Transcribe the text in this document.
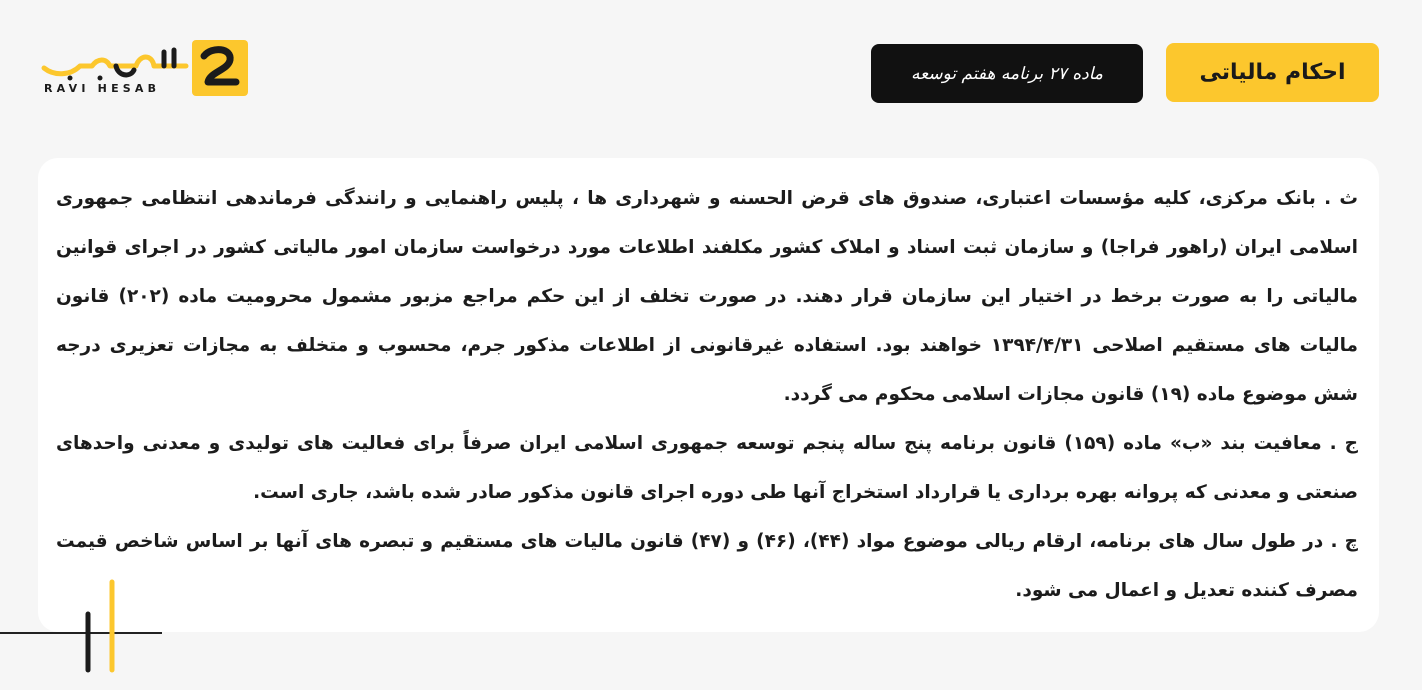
RAVI HESAB
احکام مالیاتی
ماده ۲۷ برنامه هفتم توسعه

ث . بانک مرکزی، کلیه مؤسسات اعتباری، صندوق های قرض الحسنه و شهرداری ها ، پلیس راهنمایی و رانندگی فرماندهی انتظامی جمهوری اسلامی ایران (راهور فراجا) و سازمان ثبت اسناد و املاک کشور مکلفند اطلاعات مورد درخواست سازمان امور مالیاتی کشور در اجرای قوانین مالیاتی را به صورت برخط در اختیار این سازمان قرار دهند. در صورت تخلف از این حکم مراجع مزبور مشمول محرومیت ماده (۲۰۲) قانون مالیات های مستقیم اصلاحی ۱۳۹۴/۴/۳۱ خواهند بود. استفاده غیرقانونی از اطلاعات مذکور جرم، محسوب و متخلف به مجازات تعزیری درجه شش موضوع ماده (۱۹) قانون مجازات اسلامی محکوم می گردد.

ج . معافیت بند «ب» ماده (۱۵۹) قانون برنامه پنج ساله پنجم توسعه جمهوری اسلامی ایران صرفاً برای فعالیت های تولیدی و معدنی واحدهای صنعتی و معدنی که پروانه بهره برداری یا قرارداد استخراج آنها طی دوره اجرای قانون مذکور صادر شده باشد، جاری است.

چ . در طول سال های برنامه، ارقام ریالی موضوع مواد (۴۴)، (۴۶) و (۴۷) قانون مالیات های مستقیم و تبصره های آنها بر اساس شاخص قیمت مصرف کننده تعدیل و اعمال می شود.
